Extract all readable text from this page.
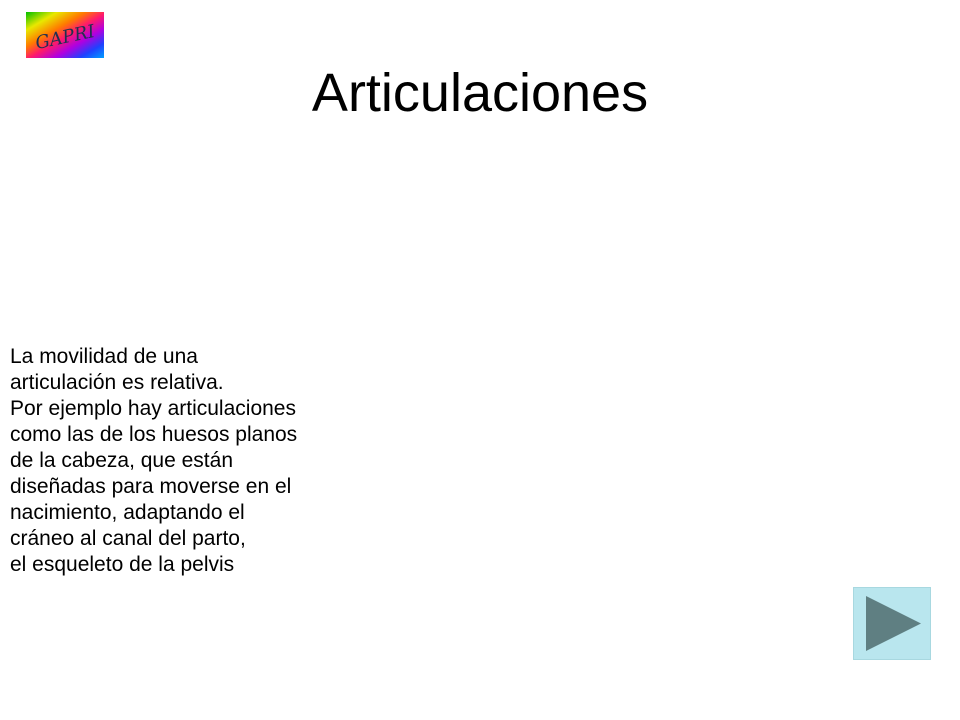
GAPRI
Articulaciones
La movilidad de una
articulación es relativa.
Por ejemplo hay articulaciones
como las de los huesos planos
de la cabeza, que están
diseñadas para moverse en el
nacimiento, adaptando el
cráneo al canal del parto,
el esqueleto de la pelvis
